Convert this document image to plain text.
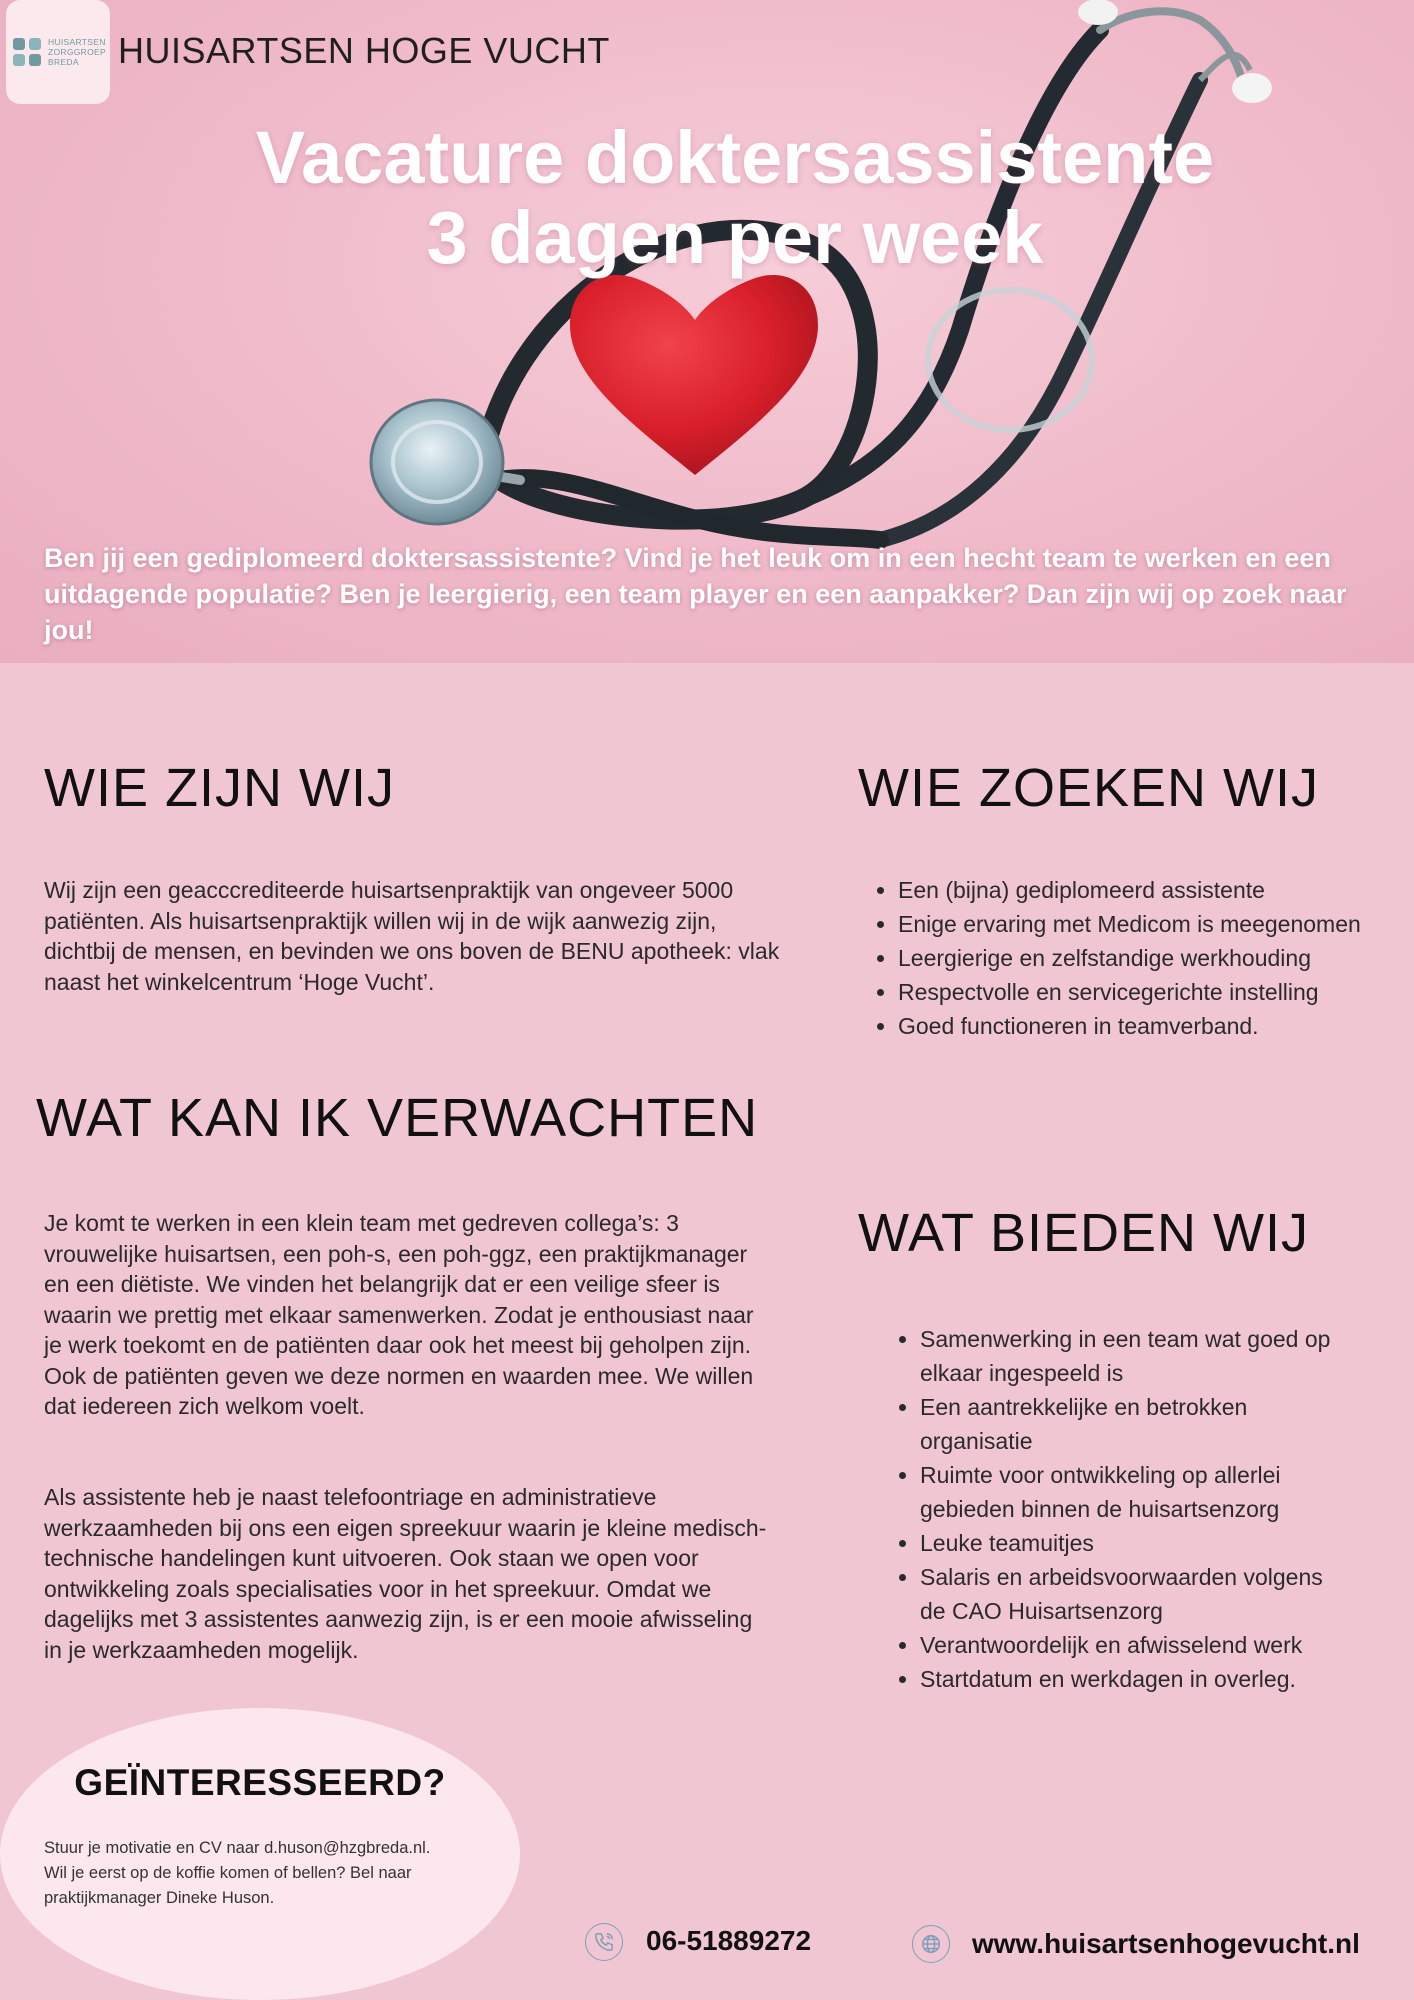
HUISARTSEN
ZORGGROEP
BREDA	HUISARTSEN HOGE VUCHT
Vacature doktersassistente
3 dagen per week
Ben jij een gediplomeerd doktersassistente? Vind je het leuk om in een hecht team te werken en een uitdagende populatie? Ben je leergierig, een team player en een aanpakker? Dan zijn wij op zoek naar jou!
WIE ZIJN WIJ

Wij zijn een geacccrediteerde huisartsenpraktijk van ongeveer 5000 patiënten. Als huisartsenpraktijk willen wij in de wijk aanwezig zijn, dichtbij de mensen, en bevinden we ons boven de BENU apotheek: vlak naast het winkelcentrum ‘Hoge Vucht’.

WAT KAN IK VERWACHTEN

Je komt te werken in een klein team met gedreven collega’s: 3 vrouwelijke huisartsen, een poh-s, een poh-ggz, een praktijkmanager en een diëtiste. We vinden het belangrijk dat er een veilige sfeer is waarin we prettig met elkaar samenwerken. Zodat je enthousiast naar je werk toekomt en de patiënten daar ook het meest bij geholpen zijn. Ook de patiënten geven we deze normen en waarden mee. We willen dat iedereen zich welkom voelt.

Als assistente heb je naast telefoontriage en administratieve werkzaamheden bij ons een eigen spreekuur waarin je kleine medisch-technische handelingen kunt uitvoeren. Ook staan we open voor ontwikkeling zoals specialisaties voor in het spreekuur. Omdat we dagelijks met 3 assistentes aanwezig zijn, is er een mooie afwisseling in je werkzaamheden mogelijk.

WIE ZOEKEN WIJ
• Een (bijna) gediplomeerd assistente
• Enige ervaring met Medicom is meegenomen
• Leergierige en zelfstandige werkhouding
• Respectvolle en servicegerichte instelling
• Goed functioneren in teamverband.
WAT BIEDEN WIJ
• Samenwerking in een team wat goed op elkaar ingespeeld is
• Een aantrekkelijke en betrokken organisatie
• Ruimte voor ontwikkeling op allerlei gebieden binnen de huisartsenzorg
• Leuke teamuitjes
• Salaris en arbeidsvoorwaarden volgens de CAO Huisartsenzorg
• Verantwoordelijk en afwisselend werk
• Startdatum en werkdagen in overleg.
GEÏNTERESSEERD?
Stuur je motivatie en CV naar d.huson@hzgbreda.nl.
Wil je eerst op de koffie komen of bellen? Bel naar
praktijkmanager Dineke Huson.
06-51889272	www.huisartsenhogevucht.nl
